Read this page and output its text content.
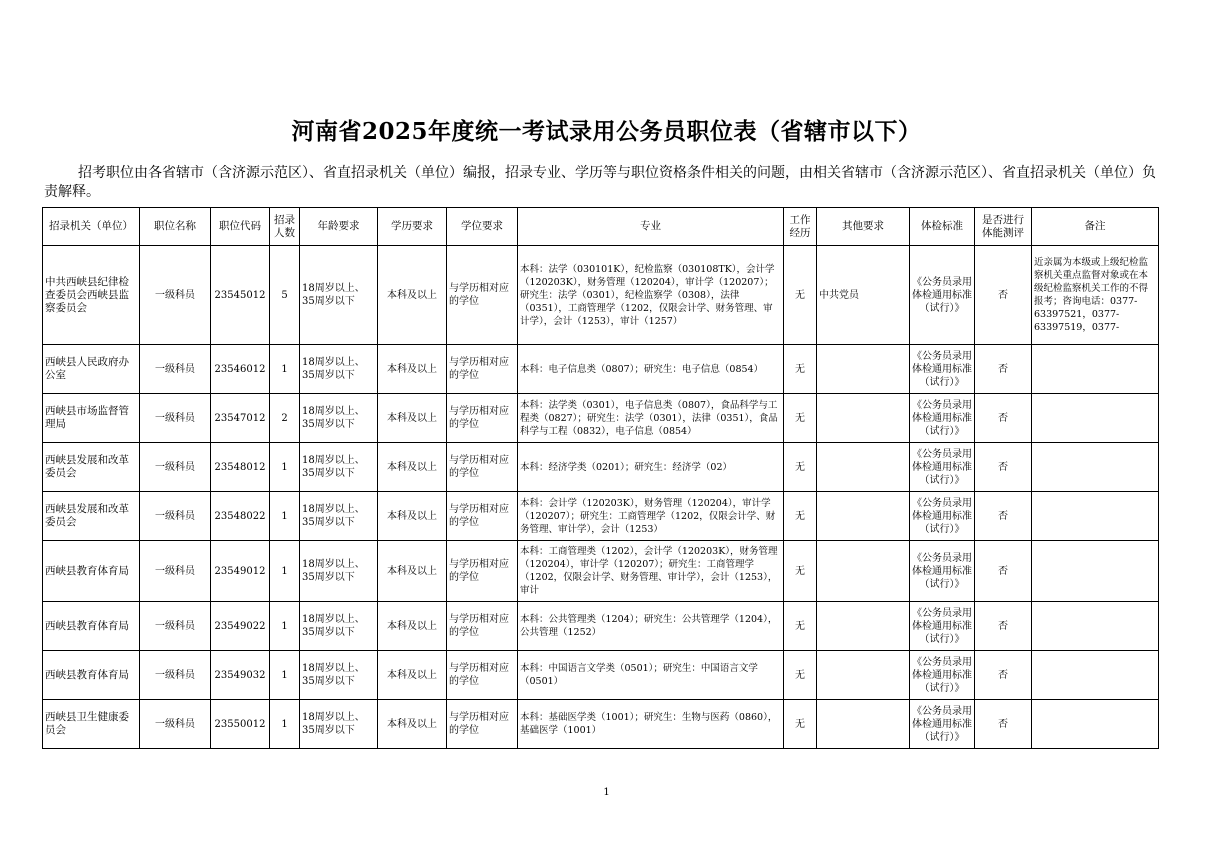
河南省2025年度统一考试录用公务员职位表（省辖市以下）
招考职位由各省辖市（含济源示范区）、省直招录机关（单位）编报，招录专业、学历等与职位资格条件相关的问题，由相关省辖市（含济源示范区）、省直招录机关（单位）负责解释。
招录机关（单位）	职位名称	职位代码	招录人数	年龄要求	学历要求	学位要求	专业	工作经历	其他要求	体检标准	是否进行体能测评	备注

中共西峡县纪律检查委员会西峡县监察委员会	一级科员	23545012	5	18周岁以上、35周岁以下	本科及以上	与学历相对应的学位	本科：法学（030101K），纪检监察（030108TK），会计学（120203K），财务管理（120204），审计学（120207）；研究生：法学（0301），纪检监察学（0308），法律（0351），工商管理学（1202，仅限会计学、财务管理、审计学），会计（1253），审计（1257）	无	中共党员	《公务员录用体检通用标准（试行）》	否	近亲属为本级或上级纪检监察机关重点监督对象或在本级纪检监察机关工作的不得报考；咨询电话：0377-63397521，0377-63397519，0377-

西峡县人民政府办公室	一级科员	23546012	1	18周岁以上、35周岁以下	本科及以上	与学历相对应的学位	本科：电子信息类（0807）；研究生：电子信息（0854）	无		《公务员录用体检通用标准（试行）》	否	

西峡县市场监督管理局	一级科员	23547012	2	18周岁以上、35周岁以下	本科及以上	与学历相对应的学位	本科：法学类（0301），电子信息类（0807），食品科学与工程类（0827）；研究生：法学（0301），法律（0351），食品科学与工程（0832），电子信息（0854）	无		《公务员录用体检通用标准（试行）》	否	

西峡县发展和改革委员会	一级科员	23548012	1	18周岁以上、35周岁以下	本科及以上	与学历相对应的学位	本科：经济学类（0201）；研究生：经济学（02）	无		《公务员录用体检通用标准（试行）》	否	

西峡县发展和改革委员会	一级科员	23548022	1	18周岁以上、35周岁以下	本科及以上	与学历相对应的学位	本科：会计学（120203K），财务管理（120204），审计学（120207）；研究生：工商管理学（1202，仅限会计学、财务管理、审计学），会计（1253）	无		《公务员录用体检通用标准（试行）》	否	

西峡县教育体育局	一级科员	23549012	1	18周岁以上、35周岁以下	本科及以上	与学历相对应的学位	本科：工商管理类（1202），会计学（120203K），财务管理（120204），审计学（120207）；研究生：工商管理学（1202，仅限会计学、财务管理、审计学），会计（1253），审计	无		《公务员录用体检通用标准（试行）》	否	

西峡县教育体育局	一级科员	23549022	1	18周岁以上、35周岁以下	本科及以上	与学历相对应的学位	本科：公共管理类（1204）；研究生：公共管理学（1204），公共管理（1252）	无		《公务员录用体检通用标准（试行）》	否	

西峡县教育体育局	一级科员	23549032	1	18周岁以上、35周岁以下	本科及以上	与学历相对应的学位	本科：中国语言文学类（0501）；研究生：中国语言文学（0501）	无		《公务员录用体检通用标准（试行）》	否	

西峡县卫生健康委员会	一级科员	23550012	1	18周岁以上、35周岁以下	本科及以上	与学历相对应的学位	本科：基础医学类（1001）；研究生：生物与医药（0860），基础医学（1001）	无		《公务员录用体检通用标准（试行）》	否	

1
